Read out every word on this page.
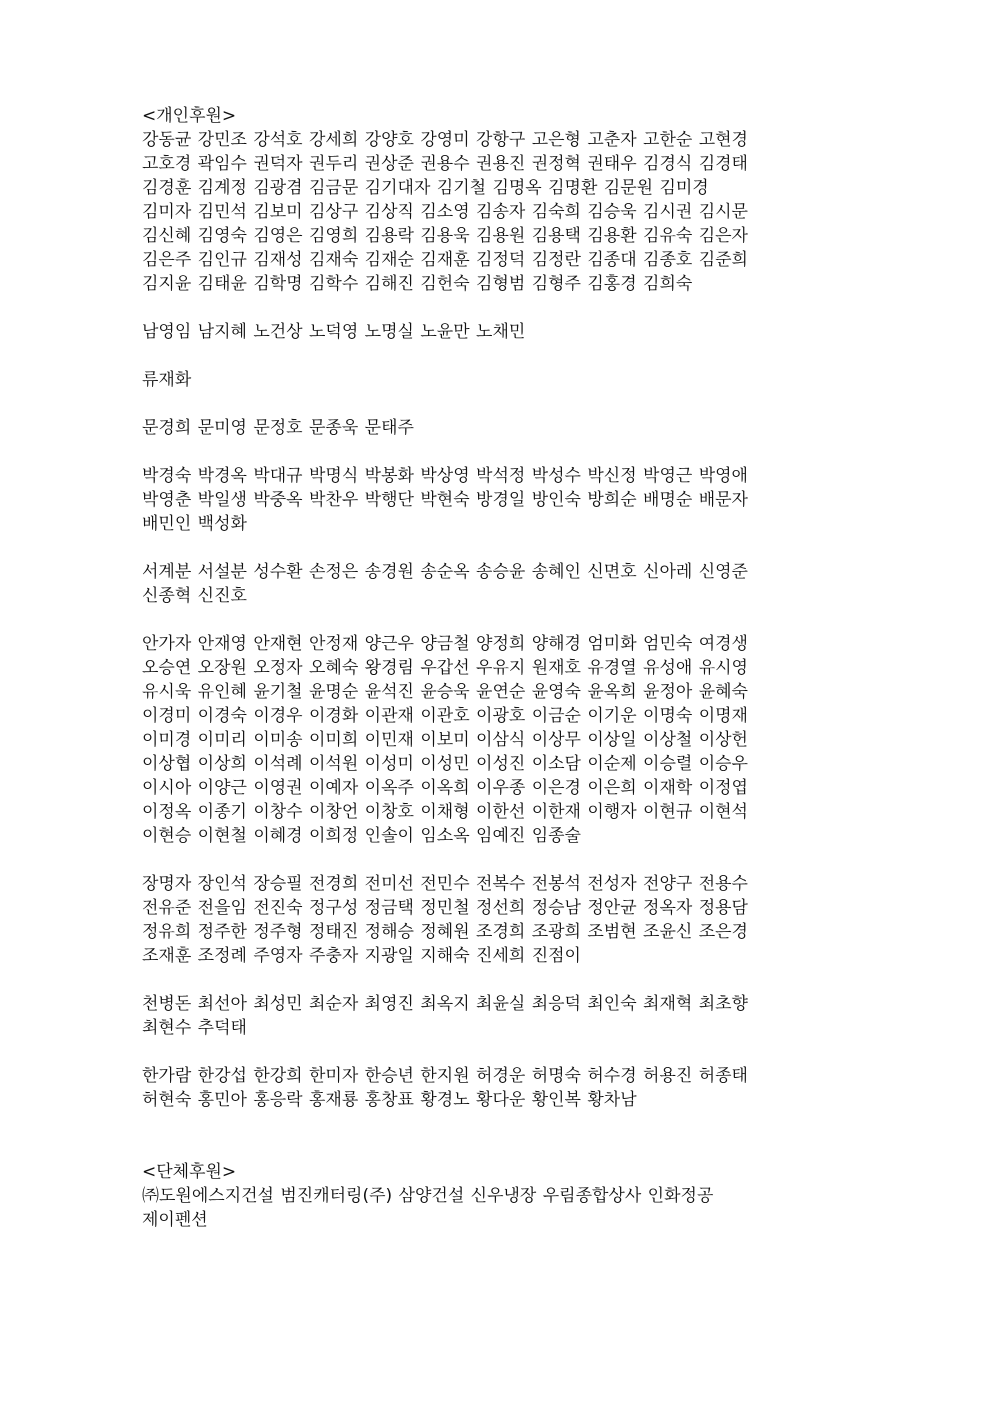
<개인후원>
강동균 강민조 강석호 강세희 강양호 강영미 강항구 고은형 고춘자 고한순 고현경
고호경 곽임수 권덕자 권두리 권상준 권용수 권용진 권정혁 권태우 김경식 김경태
김경훈 김계정 김광겸 김금문 김기대자 김기철 김명옥 김명환 김문원 김미경
김미자 김민석 김보미 김상구 김상직 김소영 김송자 김숙희 김승욱 김시권 김시문
김신혜 김영숙 김영은 김영희 김용락 김용욱 김용원 김용택 김용환 김유숙 김은자
김은주 김인규 김재성 김재숙 김재순 김재훈 김정덕 김정란 김종대 김종호 김준희
김지윤 김태윤 김학명 김학수 김해진 김헌숙 김형범 김형주 김홍경 김희숙
남영임 남지혜 노건상 노덕영 노명실 노윤만 노채민
류재화
문경희 문미영 문정호 문종욱 문태주
박경숙 박경옥 박대규 박명식 박봉화 박상영 박석정 박성수 박신정 박영근 박영애
박영춘 박일생 박중옥 박찬우 박행단 박현숙 방경일 방인숙 방희순 배명순 배문자
배민인 백성화
서계분 서설분 성수환 손정은 송경원 송순옥 송승윤 송혜인 신면호 신아레 신영준
신종혁 신진호
안가자 안재영 안재현 안정재 양근우 양금철 양정희 양해경 엄미화 엄민숙 여경생
오승연 오장원 오정자 오혜숙 왕경림 우갑선 우유지 원재호 유경열 유성애 유시영
유시욱 유인혜 윤기철 윤명순 윤석진 윤승욱 윤연순 윤영숙 윤옥희 윤정아 윤혜숙
이경미 이경숙 이경우 이경화 이관재 이관호 이광호 이금순 이기운 이명숙 이명재
이미경 이미리 이미송 이미희 이민재 이보미 이삼식 이상무 이상일 이상철 이상헌
이상협 이상희 이석례 이석원 이성미 이성민 이성진 이소담 이순제 이승렬 이승우
이시아 이양근 이영권 이예자 이옥주 이옥희 이우종 이은경 이은희 이재학 이정엽
이정옥 이종기 이창수 이창언 이창호 이채형 이한선 이한재 이행자 이현규 이현석
이현승 이현철 이혜경 이희정 인솔이 임소옥 임예진 임종술
장명자 장인석 장승필 전경희 전미선 전민수 전복수 전봉석 전성자 전양구 전용수
전유준 전을임 전진숙 정구성 정금택 정민철 정선희 정승남 정안균 정옥자 정용담
정유희 정주한 정주형 정태진 정해승 정혜원 조경희 조광희 조범현 조윤신 조은경
조재훈 조정례 주영자 주충자 지광일 지해숙 진세희 진점이
천병돈 최선아 최성민 최순자 최영진 최옥지 최윤실 최응덕 최인숙 최재혁 최초향
최현수 추덕태
한가람 한강섭 한강희 한미자 한승년 한지원 허경운 허명숙 허수경 허용진 허종태
허현숙 홍민아 홍응락 홍재룡 홍창표 황경노 황다운 황인복 황차남
<단체후원>
㈜도원에스지건설 범진캐터링(주) 삼양건설 신우냉장 우림종합상사 인화정공
제이펜션
